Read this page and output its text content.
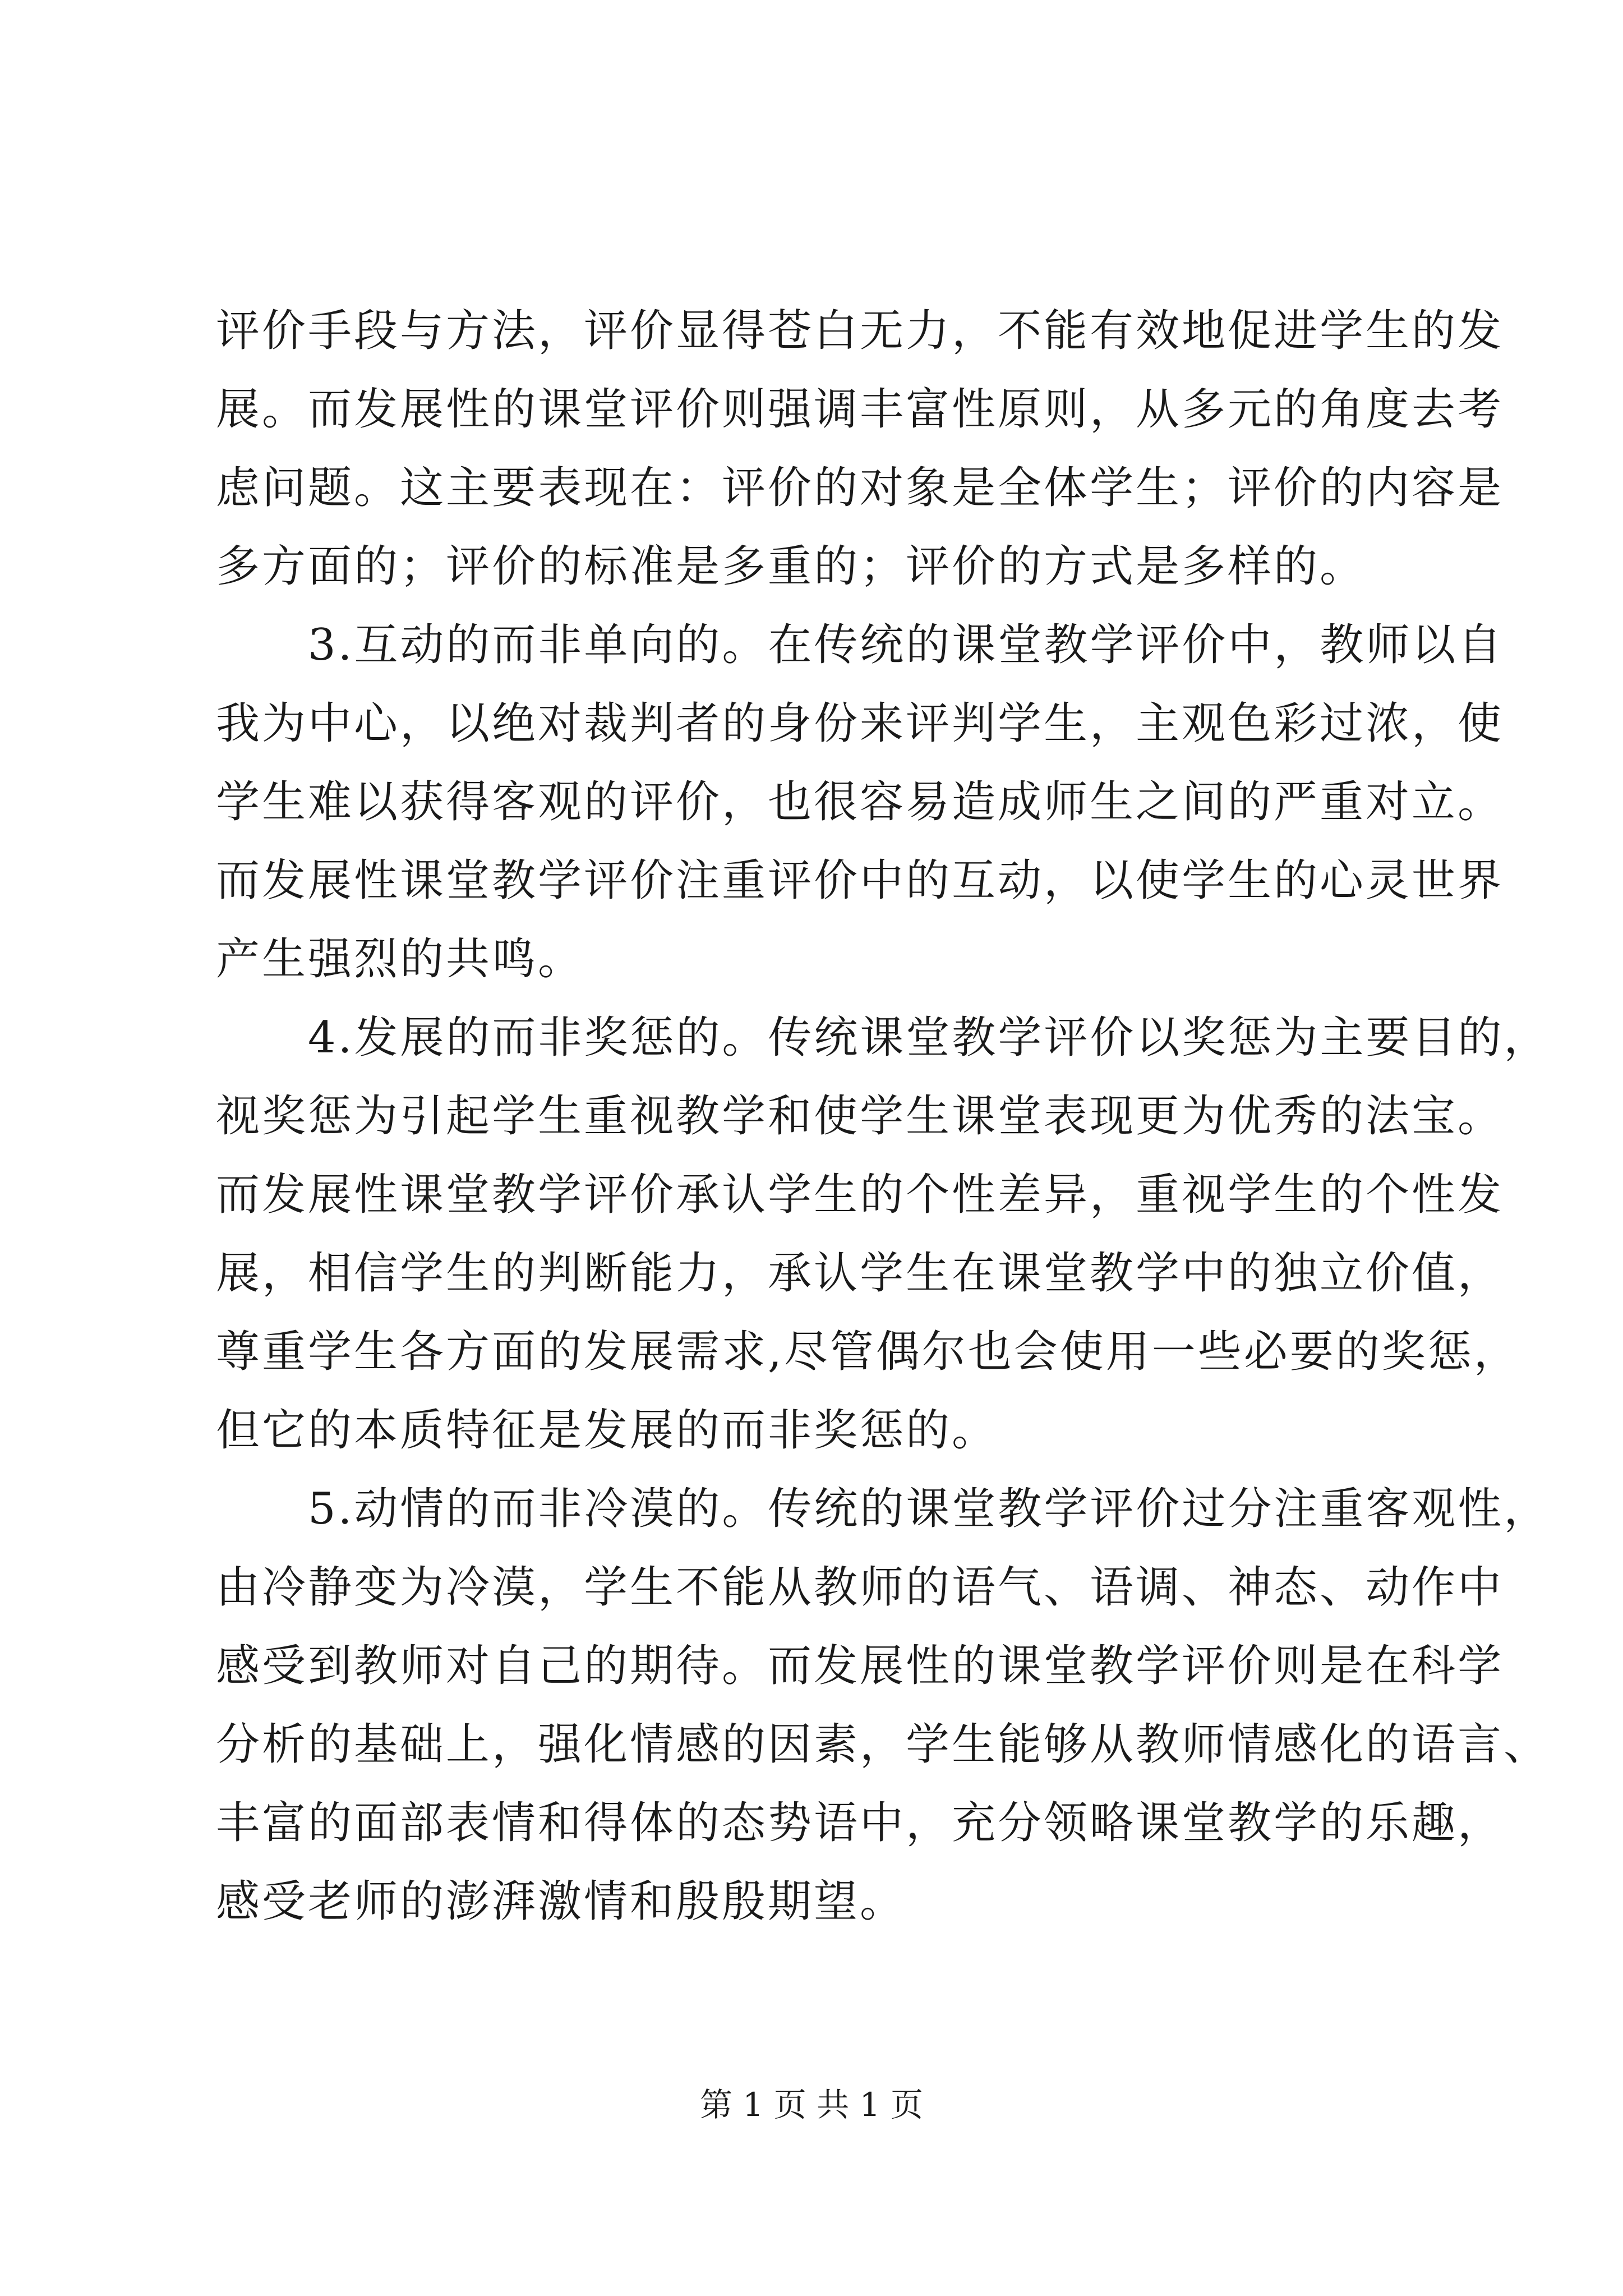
评价手段与方法，评价显得苍白无力，不能有效地促进学生的发
展。而发展性的课堂评价则强调丰富性原则，从多元的角度去考
虑问题。这主要表现在：评价的对象是全体学生；评价的内容是
多方面的；评价的标准是多重的；评价的方式是多样的。
　　3.互动的而非单向的。在传统的课堂教学评价中，教师以自
我为中心，以绝对裁判者的身份来评判学生，主观色彩过浓，使
学生难以获得客观的评价，也很容易造成师生之间的严重对立。
而发展性课堂教学评价注重评价中的互动，以使学生的心灵世界
产生强烈的共鸣。
　　4.发展的而非奖惩的。传统课堂教学评价以奖惩为主要目的，
视奖惩为引起学生重视教学和使学生课堂表现更为优秀的法宝。
而发展性课堂教学评价承认学生的个性差异，重视学生的个性发
展，相信学生的判断能力，承认学生在课堂教学中的独立价值，
尊重学生各方面的发展需求,尽管偶尔也会使用一些必要的奖惩，
但它的本质特征是发展的而非奖惩的。
　　5.动情的而非冷漠的。传统的课堂教学评价过分注重客观性，
由冷静变为冷漠，学生不能从教师的语气、语调、神态、动作中
感受到教师对自己的期待。而发展性的课堂教学评价则是在科学
分析的基础上，强化情感的因素，学生能够从教师情感化的语言、
丰富的面部表情和得体的态势语中，充分领略课堂教学的乐趣，
感受老师的澎湃激情和殷殷期望。
第 1 页 共 1 页
